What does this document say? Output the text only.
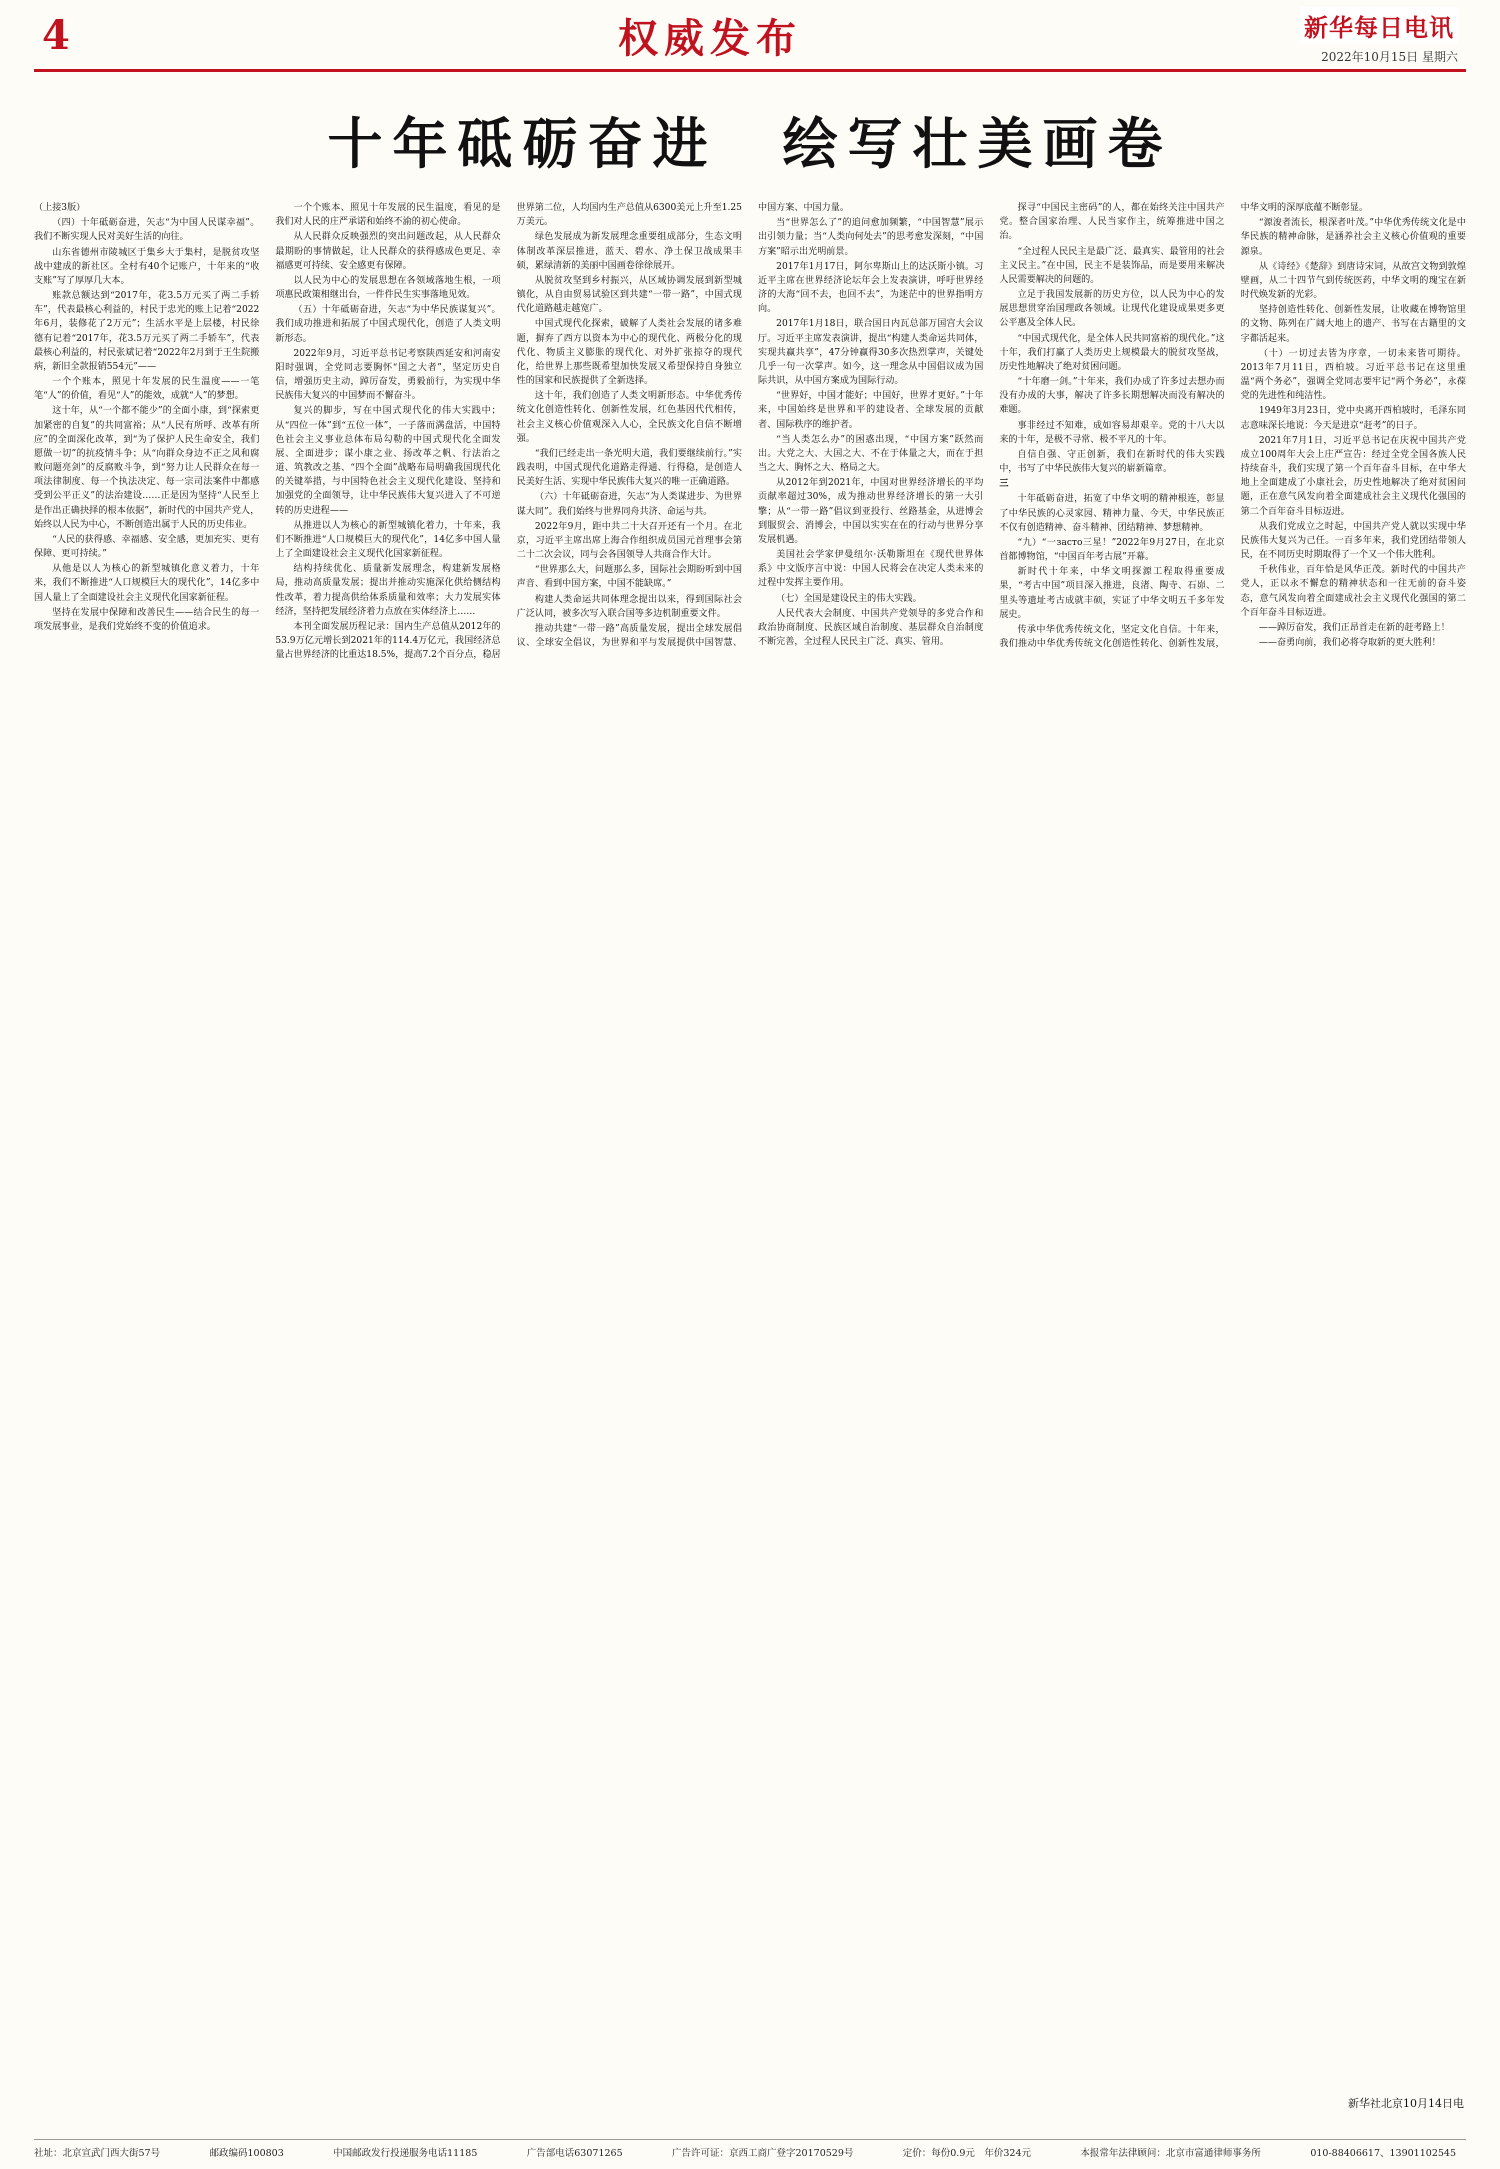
4	权威发布	新华每日电讯
2022年10月15日 星期六
十年砥砺奋进　绘写壮美画卷

（上接3版）

（四）十年砥砺奋进，矢志“为中国人民谋幸福”。我们不断实现人民对美好生活的向往。

山东省德州市陵城区于集乡大于集村，是脱贫攻坚战中建成的新社区。全村有40个记账户，十年来的“收支账”写了厚厚几大本。

账款总额达到“2017年，花3.5万元买了两二手轿车”，代表最核心利益的，村民于忠光的账上记着“2022年6月，装修花了2万元”；生活水平是上层楼，村民徐德有记着“2017年，花3.5万元买了两二手轿车”，代表最核心利益的，村民张斌记着“2022年2月到于王生院搬病，新旧全款报销554元”——

一个个账本，照见十年发展的民生温度——一笔笔“人”的价值，看见“人”的能效，成就“人”的梦想。

这十年，从“一个都不能少”的全面小康，到“探索更加紧密的自复”的共同富裕；从“人民有所呼、改革有所应”的全面深化改革，到“为了保护人民生命安全，我们愿做一切”的抗疫情斗争；从“向群众身边不正之风和腐败问题亮剑”的反腐败斗争，到“努力让人民群众在每一项法律制度、每一个执法决定、每一宗司法案件中都感受到公平正义”的法治建设……正是因为坚持“人民至上是作出正确抉择的根本依据”，新时代的中国共产党人，始终以人民为中心，不断创造出属于人民的历史伟业。

“人民的获得感、幸福感、安全感，更加充实、更有保障、更可持续。”

从他是以人为核心的新型城镇化意义着力，十年来，我们不断推进“人口规模巨大的现代化”，14亿多中国人量上了全面建设社会主义现代化国家新征程。

坚持在发展中保障和改善民生——结合民生的每一项发展事业，是我们党始终不变的价值追求。

一个个账本、照见十年发展的民生温度，看见的是我们对人民的庄严承诺和始终不渝的初心使命。

从人民群众反映强烈的突出问题改起，从人民群众最期盼的事情做起，让人民群众的获得感成色更足、幸福感更可持续、安全感更有保障。

以人民为中心的发展思想在各领域落地生根，一项项惠民政策相继出台，一件件民生实事落地见效。

（五）十年砥砺奋进，矢志“为中华民族谋复兴”。我们成功推进和拓展了中国式现代化，创造了人类文明新形态。

2022年9月，习近平总书记考察陕西延安和河南安阳时强调，全党同志要胸怀“国之大者”，坚定历史自信，增强历史主动，踔厉奋发，勇毅前行，为实现中华民族伟大复兴的中国梦而不懈奋斗。

复兴的脚步，写在中国式现代化的伟大实践中；从“四位一体”到“五位一体”，一子落而满盘活，中国特色社会主义事业总体布局勾勒的中国式现代化全面发展、全面进步；谋小康之业、扬改革之帆、行法治之道、筑教改之基、“四个全面”战略布局明确我国现代化的关键举措，与中国特色社会主义现代化建设、坚持和加强党的全面领导，让中华民族伟大复兴进入了不可逆转的历史进程——

从推进以人为核心的新型城镇化着力，十年来，我们不断推进“人口规模巨大的现代化”，14亿多中国人量上了全面建设社会主义现代化国家新征程。

结构持续优化、质量新发展理念，构建新发展格局，推动高质量发展；提出并推动实施深化供给侧结构性改革，着力提高供给体系质量和效率；大力发展实体经济，坚持把发展经济着力点放在实体经济上……

本刊全面发展历程记录：国内生产总值从2012年的53.9万亿元增长到2021年的114.4万亿元，我国经济总量占世界经济的比重达18.5%，提高7.2个百分点，稳居世界第二位，人均国内生产总值从6300美元上升至1.25万美元。

绿色发展成为新发展理念重要组成部分，生态文明体制改革深层推进，蓝天、碧水、净土保卫战成果丰硕，累绿清新的美丽中国画卷徐徐展开。

从脱贫攻坚到乡村振兴，从区域协调发展到新型城镇化，从自由贸易试验区到共建“一带一路”，中国式现代化道路越走越宽广。

中国式现代化探索，破解了人类社会发展的诸多难题，摒弃了西方以资本为中心的现代化、两极分化的现代化、物质主义膨胀的现代化、对外扩张掠夺的现代化，给世界上那些既希望加快发展又希望保持自身独立性的国家和民族提供了全新选择。

这十年，我们创造了人类文明新形态。中华优秀传统文化创造性转化、创新性发展，红色基因代代相传，社会主义核心价值观深入人心，全民族文化自信不断增强。

“我们已经走出一条光明大道，我们要继续前行。”实践表明，中国式现代化道路走得通、行得稳，是创造人民美好生活、实现中华民族伟大复兴的唯一正确道路。

（六）十年砥砺奋进，矢志“为人类谋进步、为世界谋大同”。我们始终与世界同舟共济、命运与共。

2022年9月，距中共二十大召开还有一个月。在北京，习近平主席出席上海合作组织成员国元首理事会第二十二次会议，同与会各国领导人共商合作大计。

“世界那么大，问题那么多，国际社会期盼听到中国声音、看到中国方案，中国不能缺席。”

构建人类命运共同体理念提出以来，得到国际社会广泛认同，被多次写入联合国等多边机制重要文件。

推动共建“一带一路”高质量发展，提出全球发展倡议、全球安全倡议，为世界和平与发展提供中国智慧、中国方案、中国力量。

当“世界怎么了”的追问愈加频繁，“中国智慧”展示出引领力量；当“人类向何处去”的思考愈发深刻，“中国方案”昭示出光明前景。

2017年1月17日，阿尔卑斯山上的达沃斯小镇。习近平主席在世界经济论坛年会上发表演讲，呼吁世界经济的大海“回不去，也回不去”，为迷茫中的世界指明方向。

2017年1月18日，联合国日内瓦总部万国宫大会议厅。习近平主席发表演讲，提出“构建人类命运共同体，实现共赢共享”，47分钟赢得30多次热烈掌声，关键处几乎一句一次掌声。如今，这一理念从中国倡议成为国际共识，从中国方案成为国际行动。

“世界好，中国才能好；中国好，世界才更好。”十年来，中国始终是世界和平的建设者、全球发展的贡献者、国际秩序的维护者。

“当人类怎么办”的困惑出现，“中国方案”跃然而出。大党之大、大国之大、不在于体量之大，而在于担当之大、胸怀之大、格局之大。

从2012年到2021年，中国对世界经济增长的平均贡献率超过30%，成为推动世界经济增长的第一大引擎；从“一带一路”倡议到亚投行、丝路基金，从进博会到服贸会、消博会，中国以实实在在的行动与世界分享发展机遇。

美国社会学家伊曼纽尔·沃勒斯坦在《现代世界体系》中文版序言中说：中国人民将会在决定人类未来的过程中发挥主要作用。

（七）全国是建设民主的伟大实践。

人民代表大会制度、中国共产党领导的多党合作和政治协商制度、民族区域自治制度、基层群众自治制度不断完善，全过程人民民主广泛、真实、管用。

探寻“中国民主密码”的人，都在始终关注中国共产党。整合国家治理、人民当家作主，统筹推进中国之治。

“全过程人民民主是最广泛、最真实、最管用的社会主义民主。”在中国，民主不是装饰品，而是要用来解决人民需要解决的问题的。

立足于我国发展新的历史方位，以人民为中心的发展思想贯穿治国理政各领域。让现代化建设成果更多更公平惠及全体人民。

“中国式现代化，是全体人民共同富裕的现代化。”这十年，我们打赢了人类历史上规模最大的脱贫攻坚战，历史性地解决了绝对贫困问题。

“十年磨一剑。”十年来，我们办成了许多过去想办而没有办成的大事，解决了许多长期想解决而没有解决的难题。

事非经过不知难，成如容易却艰辛。党的十八大以来的十年，是极不寻常、极不平凡的十年。

自信自强、守正创新，我们在新时代的伟大实践中，书写了中华民族伟大复兴的崭新篇章。

三

十年砥砺奋进，拓宽了中华文明的精神根连，彰显了中华民族的心灵家园、精神力量、今天，中华民族正不仅有创造精神、奋斗精神、团结精神、梦想精神。

“九）“一засто三星！”2022年9月27日，在北京首都博物馆，“中国百年考古展”开幕。

新时代十年来，中华文明探源工程取得重要成果，“考古中国”项目深入推进，良渚、陶寺、石峁、二里头等遗址考古成就丰硕，实证了中华文明五千多年发展史。

传承中华优秀传统文化，坚定文化自信。十年来，我们推动中华优秀传统文化创造性转化、创新性发展，中华文明的深厚底蕴不断彰显。

“源浚者流长，根深者叶茂。”中华优秀传统文化是中华民族的精神命脉，是涵养社会主义核心价值观的重要源泉。

从《诗经》《楚辞》到唐诗宋词，从故宫文物到敦煌壁画，从二十四节气到传统医药，中华文明的瑰宝在新时代焕发新的光彩。

坚持创造性转化、创新性发展，让收藏在博物馆里的文物、陈列在广阔大地上的遗产、书写在古籍里的文字都活起来。

（十）一切过去皆为序章，一切未来皆可期待。2013年7月11日，西柏坡。习近平总书记在这里重温“两个务必”，强调全党同志要牢记“两个务必”，永葆党的先进性和纯洁性。

1949年3月23日，党中央离开西柏坡时，毛泽东同志意味深长地说：今天是进京“赶考”的日子。

2021年7月1日，习近平总书记在庆祝中国共产党成立100周年大会上庄严宣告：经过全党全国各族人民持续奋斗，我们实现了第一个百年奋斗目标，在中华大地上全面建成了小康社会，历史性地解决了绝对贫困问题，正在意气风发向着全面建成社会主义现代化强国的第二个百年奋斗目标迈进。

从我们党成立之时起，中国共产党人就以实现中华民族伟大复兴为己任。一百多年来，我们党团结带领人民，在不同历史时期取得了一个又一个伟大胜利。

千秋伟业，百年恰是风华正茂。新时代的中国共产党人，正以永不懈怠的精神状态和一往无前的奋斗姿态，意气风发向着全面建成社会主义现代化强国的第二个百年奋斗目标迈进。

——踔厉奋发，我们正昂首走在新的赶考路上！

——奋勇向前，我们必将夺取新的更大胜利！

新华社北京10月14日电
社址：北京宣武门西大街57号	邮政编码100803	中国邮政发行投递服务电话11185	广告部电话63071265	广告许可证：京西工商广登字20170529号	定价：每份0.9元　年价324元	本报常年法律顾问：北京市富通律师事务所	010-88406617、13901102545
